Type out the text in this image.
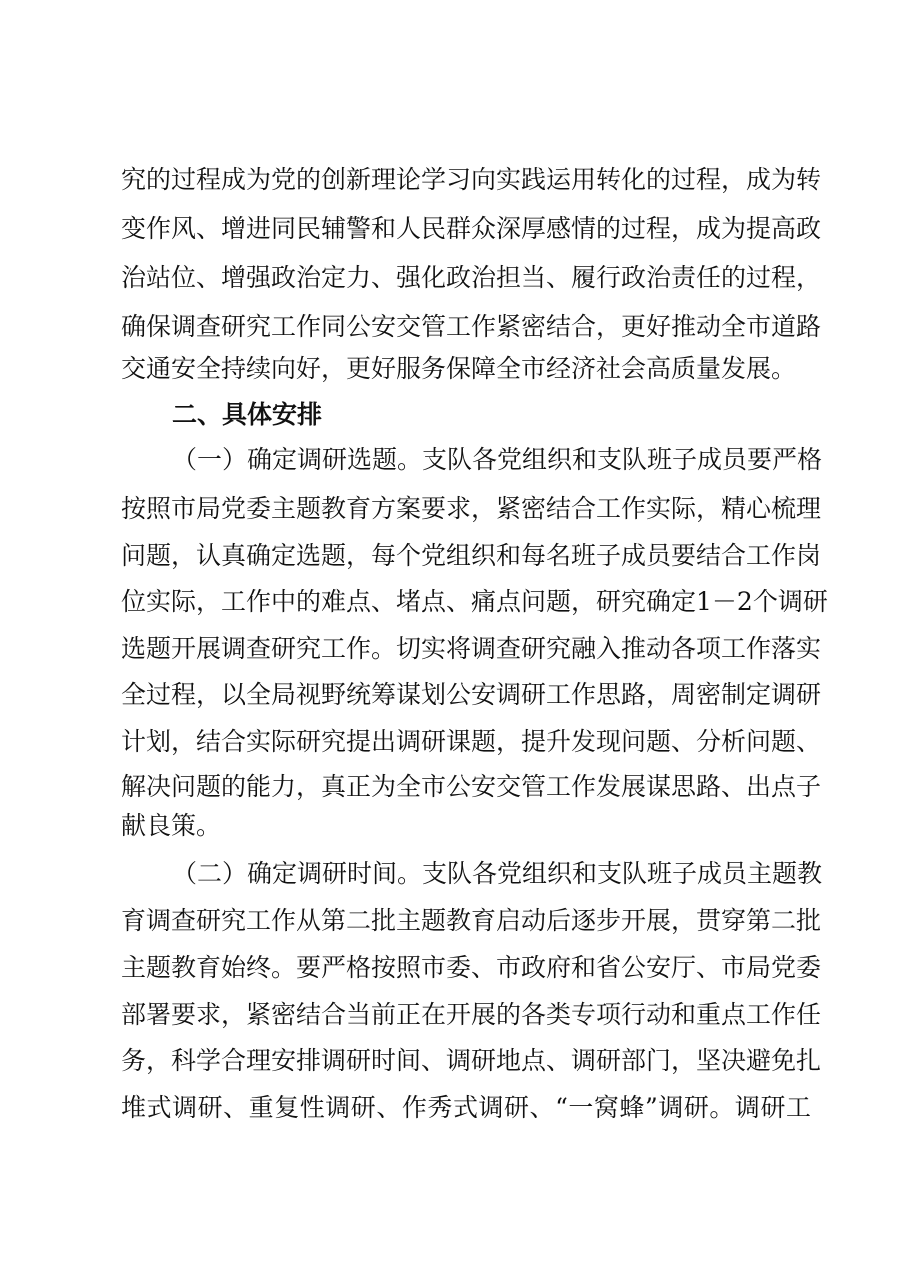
究的过程成为党的创新理论学习向实践运用转化的过程，成为转
变作风、增进同民辅警和人民群众深厚感情的过程，成为提高政
治站位、增强政治定力、强化政治担当、履行政治责任的过程，
确保调查研究工作同公安交管工作紧密结合，更好推动全市道路
交通安全持续向好，更好服务保障全市经济社会高质量发展。
二、具体安排
（一）确定调研选题。支队各党组织和支队班子成员要严格
按照市局党委主题教育方案要求，紧密结合工作实际，精心梳理
问题，认真确定选题，每个党组织和每名班子成员要结合工作岗
位实际，工作中的难点、堵点、痛点问题，研究确定1－2个调研
选题开展调查研究工作。切实将调查研究融入推动各项工作落实
全过程，以全局视野统筹谋划公安调研工作思路，周密制定调研
计划，结合实际研究提出调研课题，提升发现问题、分析问题、
解决问题的能力，真正为全市公安交管工作发展谋思路、出点子
献良策。
（二）确定调研时间。支队各党组织和支队班子成员主题教
育调查研究工作从第二批主题教育启动后逐步开展，贯穿第二批
主题教育始终。要严格按照市委、市政府和省公安厅、市局党委
部署要求，紧密结合当前正在开展的各类专项行动和重点工作任
务，科学合理安排调研时间、调研地点、调研部门，坚决避免扎
堆式调研、重复性调研、作秀式调研、“一窝蜂”调研。调研工
